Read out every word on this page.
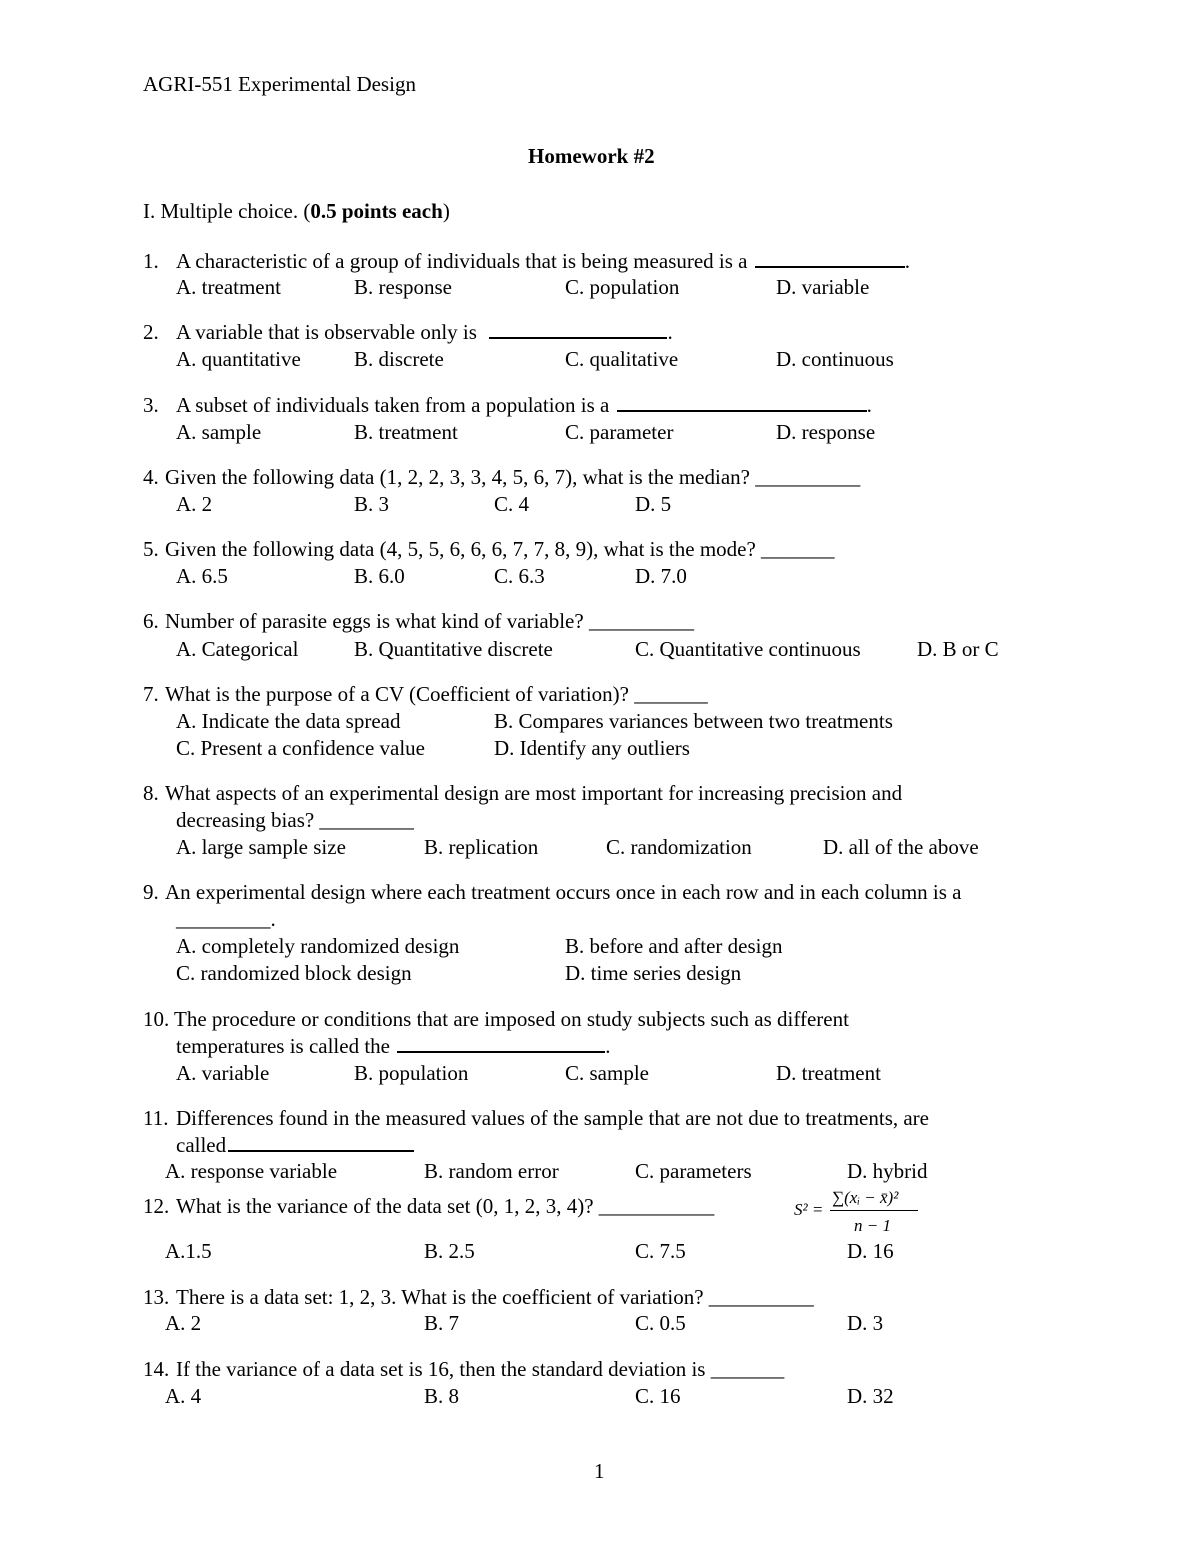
AGRI-551 Experimental Design
Homework #2
I. Multiple choice. (0.5 points each)
1. A characteristic of a group of individuals that is being measured is a	.
A. treatment	B. response	C. population	D. variable
2. A variable that is observable only is	.
A. quantitative	B. discrete	C. qualitative	D. continuous
3. A subset of individuals taken from a population is a	.
A. sample	B. treatment	C. parameter	D. response
4. Given the following data (1, 2, 2, 3, 3, 4, 5, 6, 7), what is the median? __________
A. 2	B. 3	C. 4	D. 5
5. Given the following data (4, 5, 5, 6, 6, 6, 7, 7, 8, 9), what is the mode? _______
A. 6.5	B. 6.0	C. 6.3	D. 7.0
6. Number of parasite eggs is what kind of variable? __________
A. Categorical	B. Quantitative discrete	C. Quantitative continuous	D. B or C
7. What is the purpose of a CV (Coefficient of variation)? _______
A. Indicate the data spread	B. Compares variances between two treatments
C. Present a confidence value	D. Identify any outliers
8. What aspects of an experimental design are most important for increasing precision and
decreasing bias? _________
A. large sample size	B. replication	C. randomization	D. all of the above
9. An experimental design where each treatment occurs once in each row and in each column is a
_________.
A. completely randomized design	B. before and after design
C. randomized block design	D. time series design
10. The procedure or conditions that are imposed on study subjects such as different
temperatures is called the	.
A. variable	B. population	C. sample	D. treatment
11. Differences found in the measured values of the sample that are not due to treatments, are
called
A. response variable	B. random error	C. parameters	D. hybrid
12. What is the variance of the data set (0, 1, 2, 3, 4)? ___________	S² =
∑(xᵢ − x̄)²
n − 1
A.1.5	B. 2.5	C. 7.5	D. 16
13. There is a data set: 1, 2, 3. What is the coefficient of variation? __________
A. 2	B. 7	C. 0.5	D. 3
14. If the variance of a data set is 16, then the standard deviation is _______
A. 4	B. 8	C. 16	D. 32
1
